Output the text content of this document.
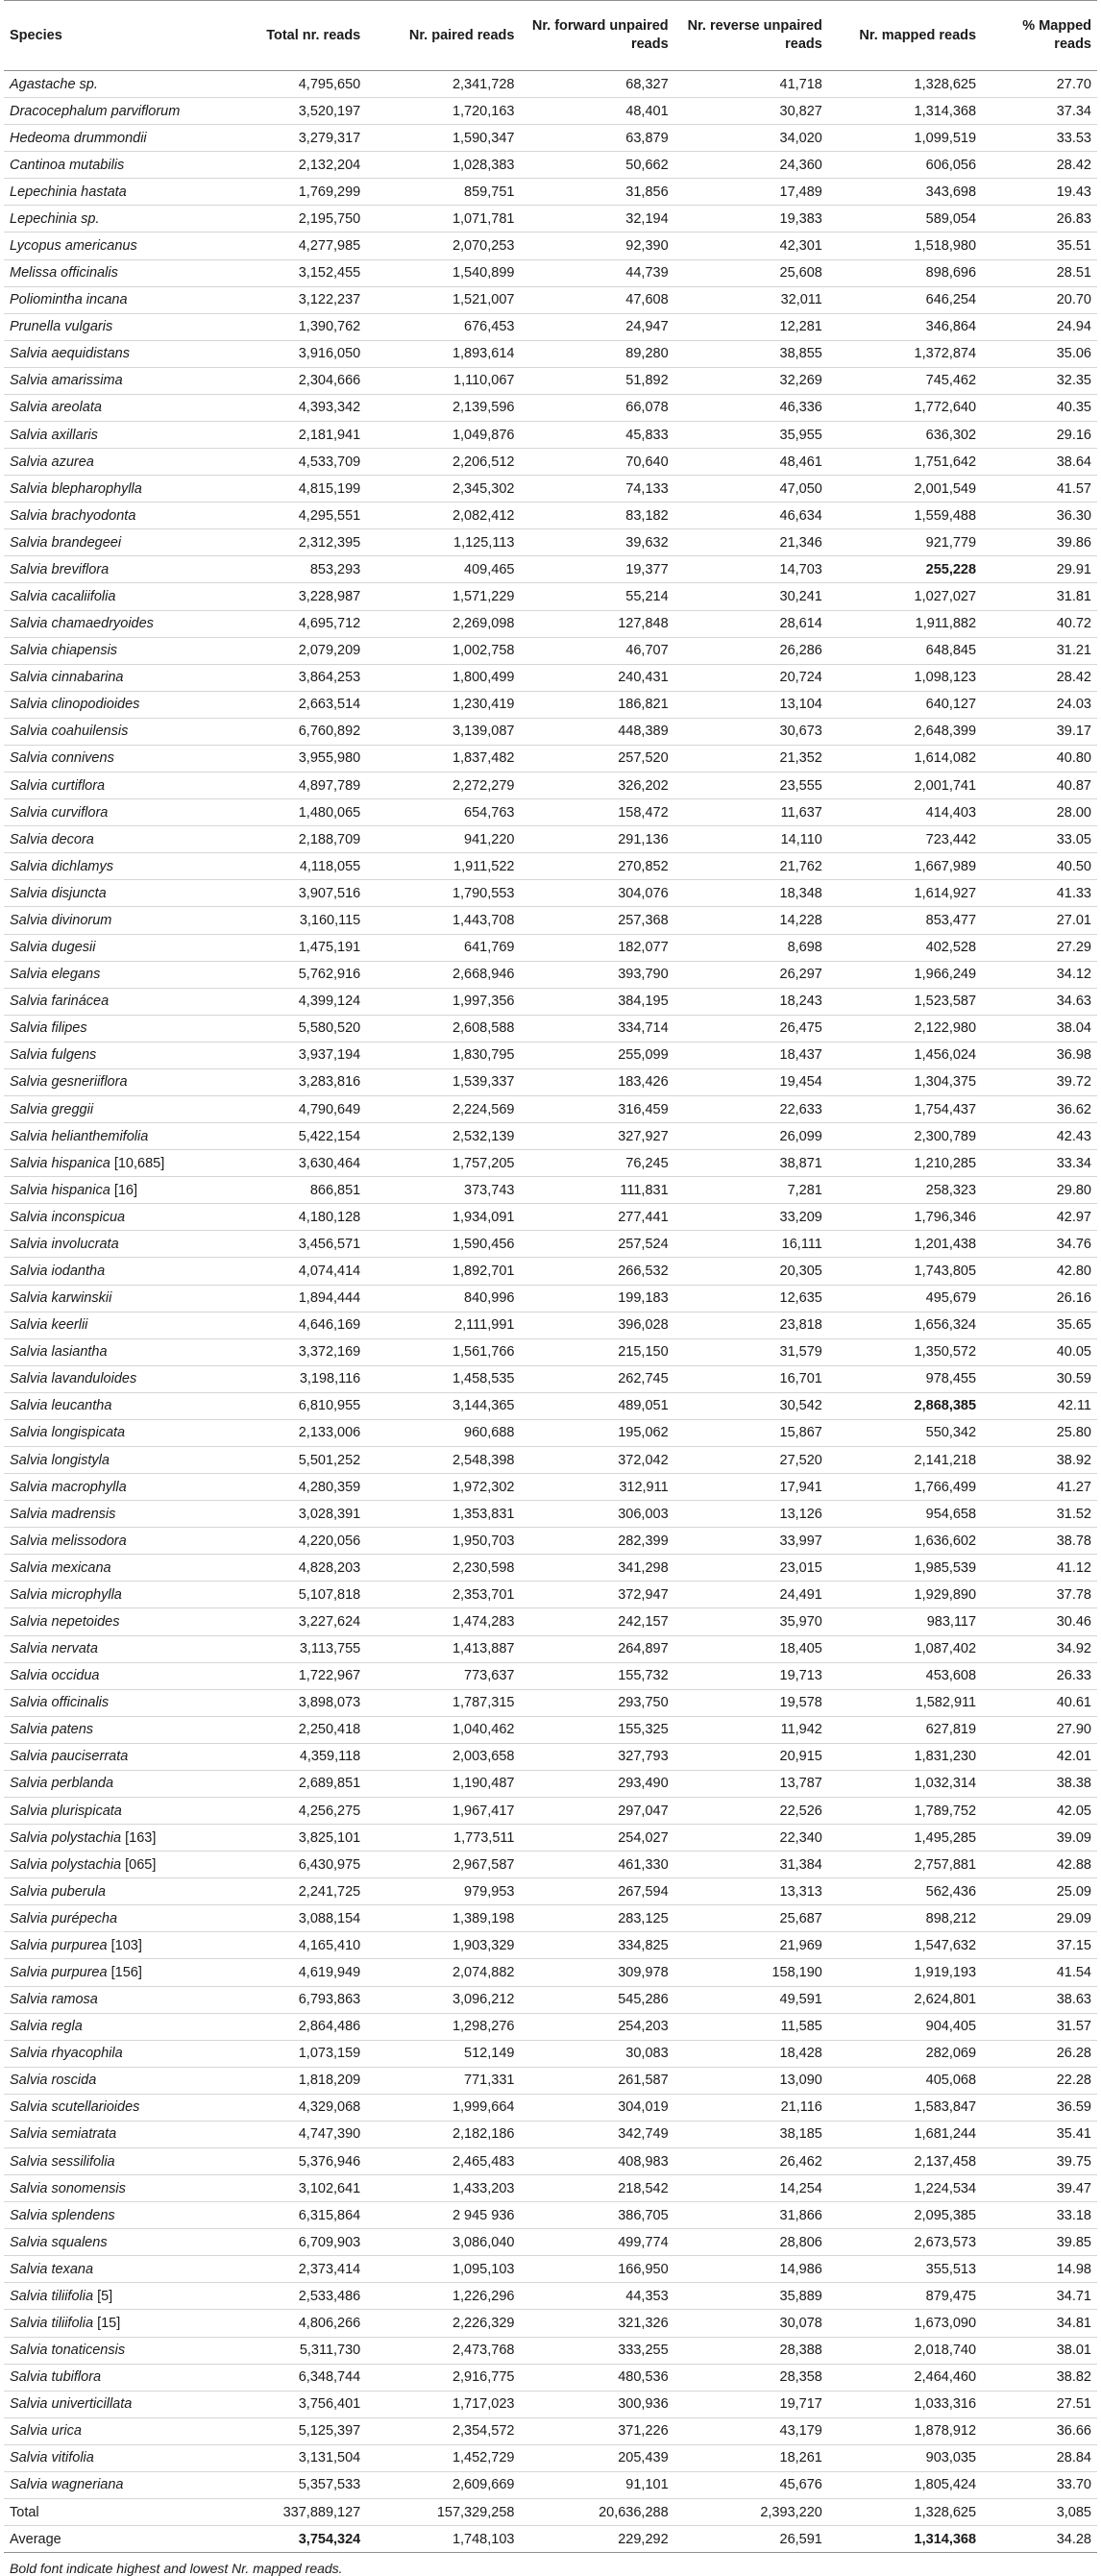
Species	Total nr. reads	Nr. paired reads	Nr. forward unpaired reads	Nr. reverse unpaired reads	Nr. mapped reads	% Mapped reads
Agastache sp.	4,795,650	2,341,728	68,327	41,718	1,328,625	27.70
Dracocephalum parviflorum	3,520,197	1,720,163	48,401	30,827	1,314,368	37.34
Hedeoma drummondii	3,279,317	1,590,347	63,879	34,020	1,099,519	33.53
Cantinoa mutabilis	2,132,204	1,028,383	50,662	24,360	606,056	28.42
Lepechinia hastata	1,769,299	859,751	31,856	17,489	343,698	19.43
Lepechinia sp.	2,195,750	1,071,781	32,194	19,383	589,054	26.83
Lycopus americanus	4,277,985	2,070,253	92,390	42,301	1,518,980	35.51
Melissa officinalis	3,152,455	1,540,899	44,739	25,608	898,696	28.51
Poliomintha incana	3,122,237	1,521,007	47,608	32,011	646,254	20.70
Prunella vulgaris	1,390,762	676,453	24,947	12,281	346,864	24.94
Salvia aequidistans	3,916,050	1,893,614	89,280	38,855	1,372,874	35.06
Salvia amarissima	2,304,666	1,110,067	51,892	32,269	745,462	32.35
Salvia areolata	4,393,342	2,139,596	66,078	46,336	1,772,640	40.35
Salvia axillaris	2,181,941	1,049,876	45,833	35,955	636,302	29.16
Salvia azurea	4,533,709	2,206,512	70,640	48,461	1,751,642	38.64
Salvia blepharophylla	4,815,199	2,345,302	74,133	47,050	2,001,549	41.57
Salvia brachyodonta	4,295,551	2,082,412	83,182	46,634	1,559,488	36.30
Salvia brandegeei	2,312,395	1,125,113	39,632	21,346	921,779	39.86
Salvia breviflora	853,293	409,465	19,377	14,703	255,228	29.91
Salvia cacaliifolia	3,228,987	1,571,229	55,214	30,241	1,027,027	31.81
Salvia chamaedryoides	4,695,712	2,269,098	127,848	28,614	1,911,882	40.72
Salvia chiapensis	2,079,209	1,002,758	46,707	26,286	648,845	31.21
Salvia cinnabarina	3,864,253	1,800,499	240,431	20,724	1,098,123	28.42
Salvia clinopodioides	2,663,514	1,230,419	186,821	13,104	640,127	24.03
Salvia coahuilensis	6,760,892	3,139,087	448,389	30,673	2,648,399	39.17
Salvia connivens	3,955,980	1,837,482	257,520	21,352	1,614,082	40.80
Salvia curtiflora	4,897,789	2,272,279	326,202	23,555	2,001,741	40.87
Salvia curviflora	1,480,065	654,763	158,472	11,637	414,403	28.00
Salvia decora	2,188,709	941,220	291,136	14,110	723,442	33.05
Salvia dichlamys	4,118,055	1,911,522	270,852	21,762	1,667,989	40.50
Salvia disjuncta	3,907,516	1,790,553	304,076	18,348	1,614,927	41.33
Salvia divinorum	3,160,115	1,443,708	257,368	14,228	853,477	27.01
Salvia dugesii	1,475,191	641,769	182,077	8,698	402,528	27.29
Salvia elegans	5,762,916	2,668,946	393,790	26,297	1,966,249	34.12
Salvia farinácea	4,399,124	1,997,356	384,195	18,243	1,523,587	34.63
Salvia filipes	5,580,520	2,608,588	334,714	26,475	2,122,980	38.04
Salvia fulgens	3,937,194	1,830,795	255,099	18,437	1,456,024	36.98
Salvia gesneriiflora	3,283,816	1,539,337	183,426	19,454	1,304,375	39.72
Salvia greggii	4,790,649	2,224,569	316,459	22,633	1,754,437	36.62
Salvia helianthemifolia	5,422,154	2,532,139	327,927	26,099	2,300,789	42.43
Salvia hispanica [10,685]	3,630,464	1,757,205	76,245	38,871	1,210,285	33.34
Salvia hispanica [16]	866,851	373,743	111,831	7,281	258,323	29.80
Salvia inconspicua	4,180,128	1,934,091	277,441	33,209	1,796,346	42.97
Salvia involucrata	3,456,571	1,590,456	257,524	16,111	1,201,438	34.76
Salvia iodantha	4,074,414	1,892,701	266,532	20,305	1,743,805	42.80
Salvia karwinskii	1,894,444	840,996	199,183	12,635	495,679	26.16
Salvia keerlii	4,646,169	2,111,991	396,028	23,818	1,656,324	35.65
Salvia lasiantha	3,372,169	1,561,766	215,150	31,579	1,350,572	40.05
Salvia lavanduloides	3,198,116	1,458,535	262,745	16,701	978,455	30.59
Salvia leucantha	6,810,955	3,144,365	489,051	30,542	2,868,385	42.11
Salvia longispicata	2,133,006	960,688	195,062	15,867	550,342	25.80
Salvia longistyla	5,501,252	2,548,398	372,042	27,520	2,141,218	38.92
Salvia macrophylla	4,280,359	1,972,302	312,911	17,941	1,766,499	41.27
Salvia madrensis	3,028,391	1,353,831	306,003	13,126	954,658	31.52
Salvia melissodora	4,220,056	1,950,703	282,399	33,997	1,636,602	38.78
Salvia mexicana	4,828,203	2,230,598	341,298	23,015	1,985,539	41.12
Salvia microphylla	5,107,818	2,353,701	372,947	24,491	1,929,890	37.78
Salvia nepetoides	3,227,624	1,474,283	242,157	35,970	983,117	30.46
Salvia nervata	3,113,755	1,413,887	264,897	18,405	1,087,402	34.92
Salvia occidua	1,722,967	773,637	155,732	19,713	453,608	26.33
Salvia officinalis	3,898,073	1,787,315	293,750	19,578	1,582,911	40.61
Salvia patens	2,250,418	1,040,462	155,325	11,942	627,819	27.90
Salvia pauciserrata	4,359,118	2,003,658	327,793	20,915	1,831,230	42.01
Salvia perblanda	2,689,851	1,190,487	293,490	13,787	1,032,314	38.38
Salvia plurispicata	4,256,275	1,967,417	297,047	22,526	1,789,752	42.05
Salvia polystachia [163]	3,825,101	1,773,511	254,027	22,340	1,495,285	39.09
Salvia polystachia [065]	6,430,975	2,967,587	461,330	31,384	2,757,881	42.88
Salvia puberula	2,241,725	979,953	267,594	13,313	562,436	25.09
Salvia purépecha	3,088,154	1,389,198	283,125	25,687	898,212	29.09
Salvia purpurea [103]	4,165,410	1,903,329	334,825	21,969	1,547,632	37.15
Salvia purpurea [156]	4,619,949	2,074,882	309,978	158,190	1,919,193	41.54
Salvia ramosa	6,793,863	3,096,212	545,286	49,591	2,624,801	38.63
Salvia regla	2,864,486	1,298,276	254,203	11,585	904,405	31.57
Salvia rhyacophila	1,073,159	512,149	30,083	18,428	282,069	26.28
Salvia roscida	1,818,209	771,331	261,587	13,090	405,068	22.28
Salvia scutellarioides	4,329,068	1,999,664	304,019	21,116	1,583,847	36.59
Salvia semiatrata	4,747,390	2,182,186	342,749	38,185	1,681,244	35.41
Salvia sessilifolia	5,376,946	2,465,483	408,983	26,462	2,137,458	39.75
Salvia sonomensis	3,102,641	1,433,203	218,542	14,254	1,224,534	39.47
Salvia splendens	6,315,864	2 945 936	386,705	31,866	2,095,385	33.18
Salvia squalens	6,709,903	3,086,040	499,774	28,806	2,673,573	39.85
Salvia texana	2,373,414	1,095,103	166,950	14,986	355,513	14.98
Salvia tiliifolia [5]	2,533,486	1,226,296	44,353	35,889	879,475	34.71
Salvia tiliifolia [15]	4,806,266	2,226,329	321,326	30,078	1,673,090	34.81
Salvia tonaticensis	5,311,730	2,473,768	333,255	28,388	2,018,740	38.01
Salvia tubiflora	6,348,744	2,916,775	480,536	28,358	2,464,460	38.82
Salvia univerticillata	3,756,401	1,717,023	300,936	19,717	1,033,316	27.51
Salvia urica	5,125,397	2,354,572	371,226	43,179	1,878,912	36.66
Salvia vitifolia	3,131,504	1,452,729	205,439	18,261	903,035	28.84
Salvia wagneriana	5,357,533	2,609,669	91,101	45,676	1,805,424	33.70
Total	337,889,127	157,329,258	20,636,288	2,393,220	1,328,625	3,085
Average	3,754,324	1,748,103	229,292	26,591	1,314,368	34.28
Bold font indicate highest and lowest Nr. mapped reads.
